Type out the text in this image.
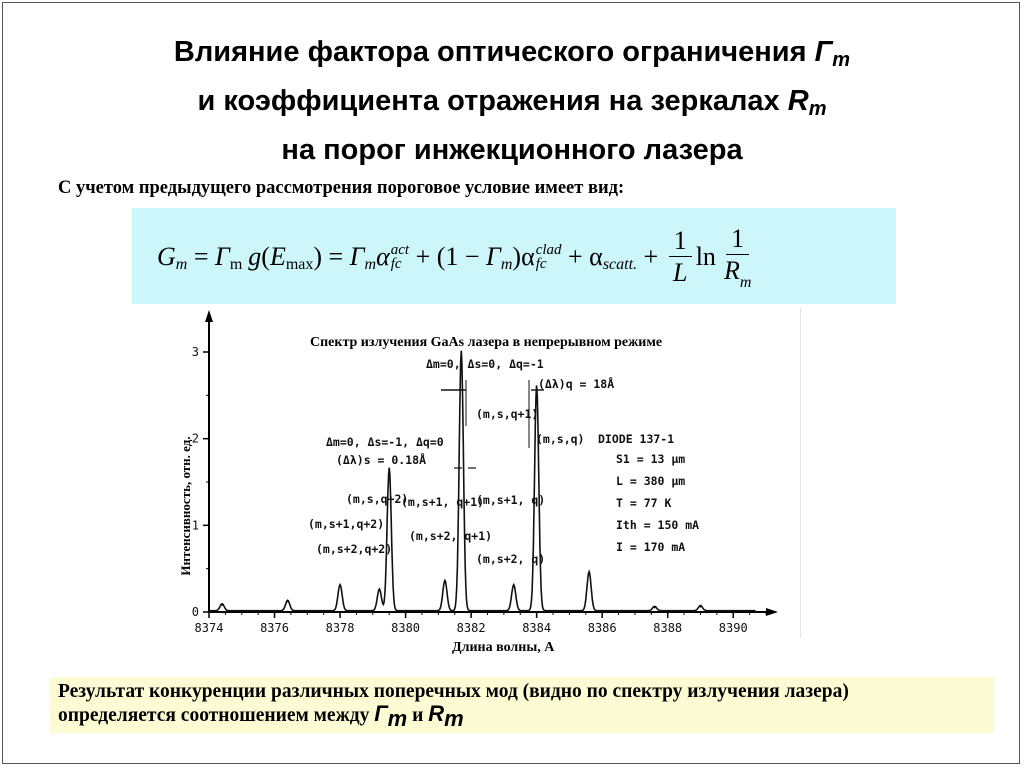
Влияние фактора оптического ограничения $\Gamma_m$
и коэффициента отражения на зеркалах $R_m$
на порог инжекционного лазера
С учетом предыдущего рассмотрения пороговое условие имеет вид:
G m = Γ m g ( E max ) = Γ m α act
fc + (1 − Γ m )α clad
fc + α scatt. + $\frac{1}{L}$ $\ln \frac{1}{R_m}$
8374	8376	8378	8380	8382	8384	8386	8388	8390
0
1
2
3
Δm=0, Δs=0, Δq=-1
(Δλ)q = 18Å
(m,s,q+1)
(m,s,q)
Δm=0, Δs=-1, Δq=0
(Δλ)s = 0.18Å
(m,s,q+2)
(m,s+1, q+1)
(m,s+1,q+2)
(m,s+2,q+2)
(m,s+2, q+1)
(m,s+1, q)
(m,s+2, q)
DIODE 137-1
S1 = 13 μm
L = 380 μm
T = 77 K
Ith = 150 mA
I = 170 mA
Спектр излучения GaAs лазера в непрерывном режиме
Интенсивность, отн. ед.
Длина волны, А
Результат конкуренции различных поперечных мод (видно по спектру излучения лазера)
определяется соотношением между $\Gamma_m$ и $R_m$
